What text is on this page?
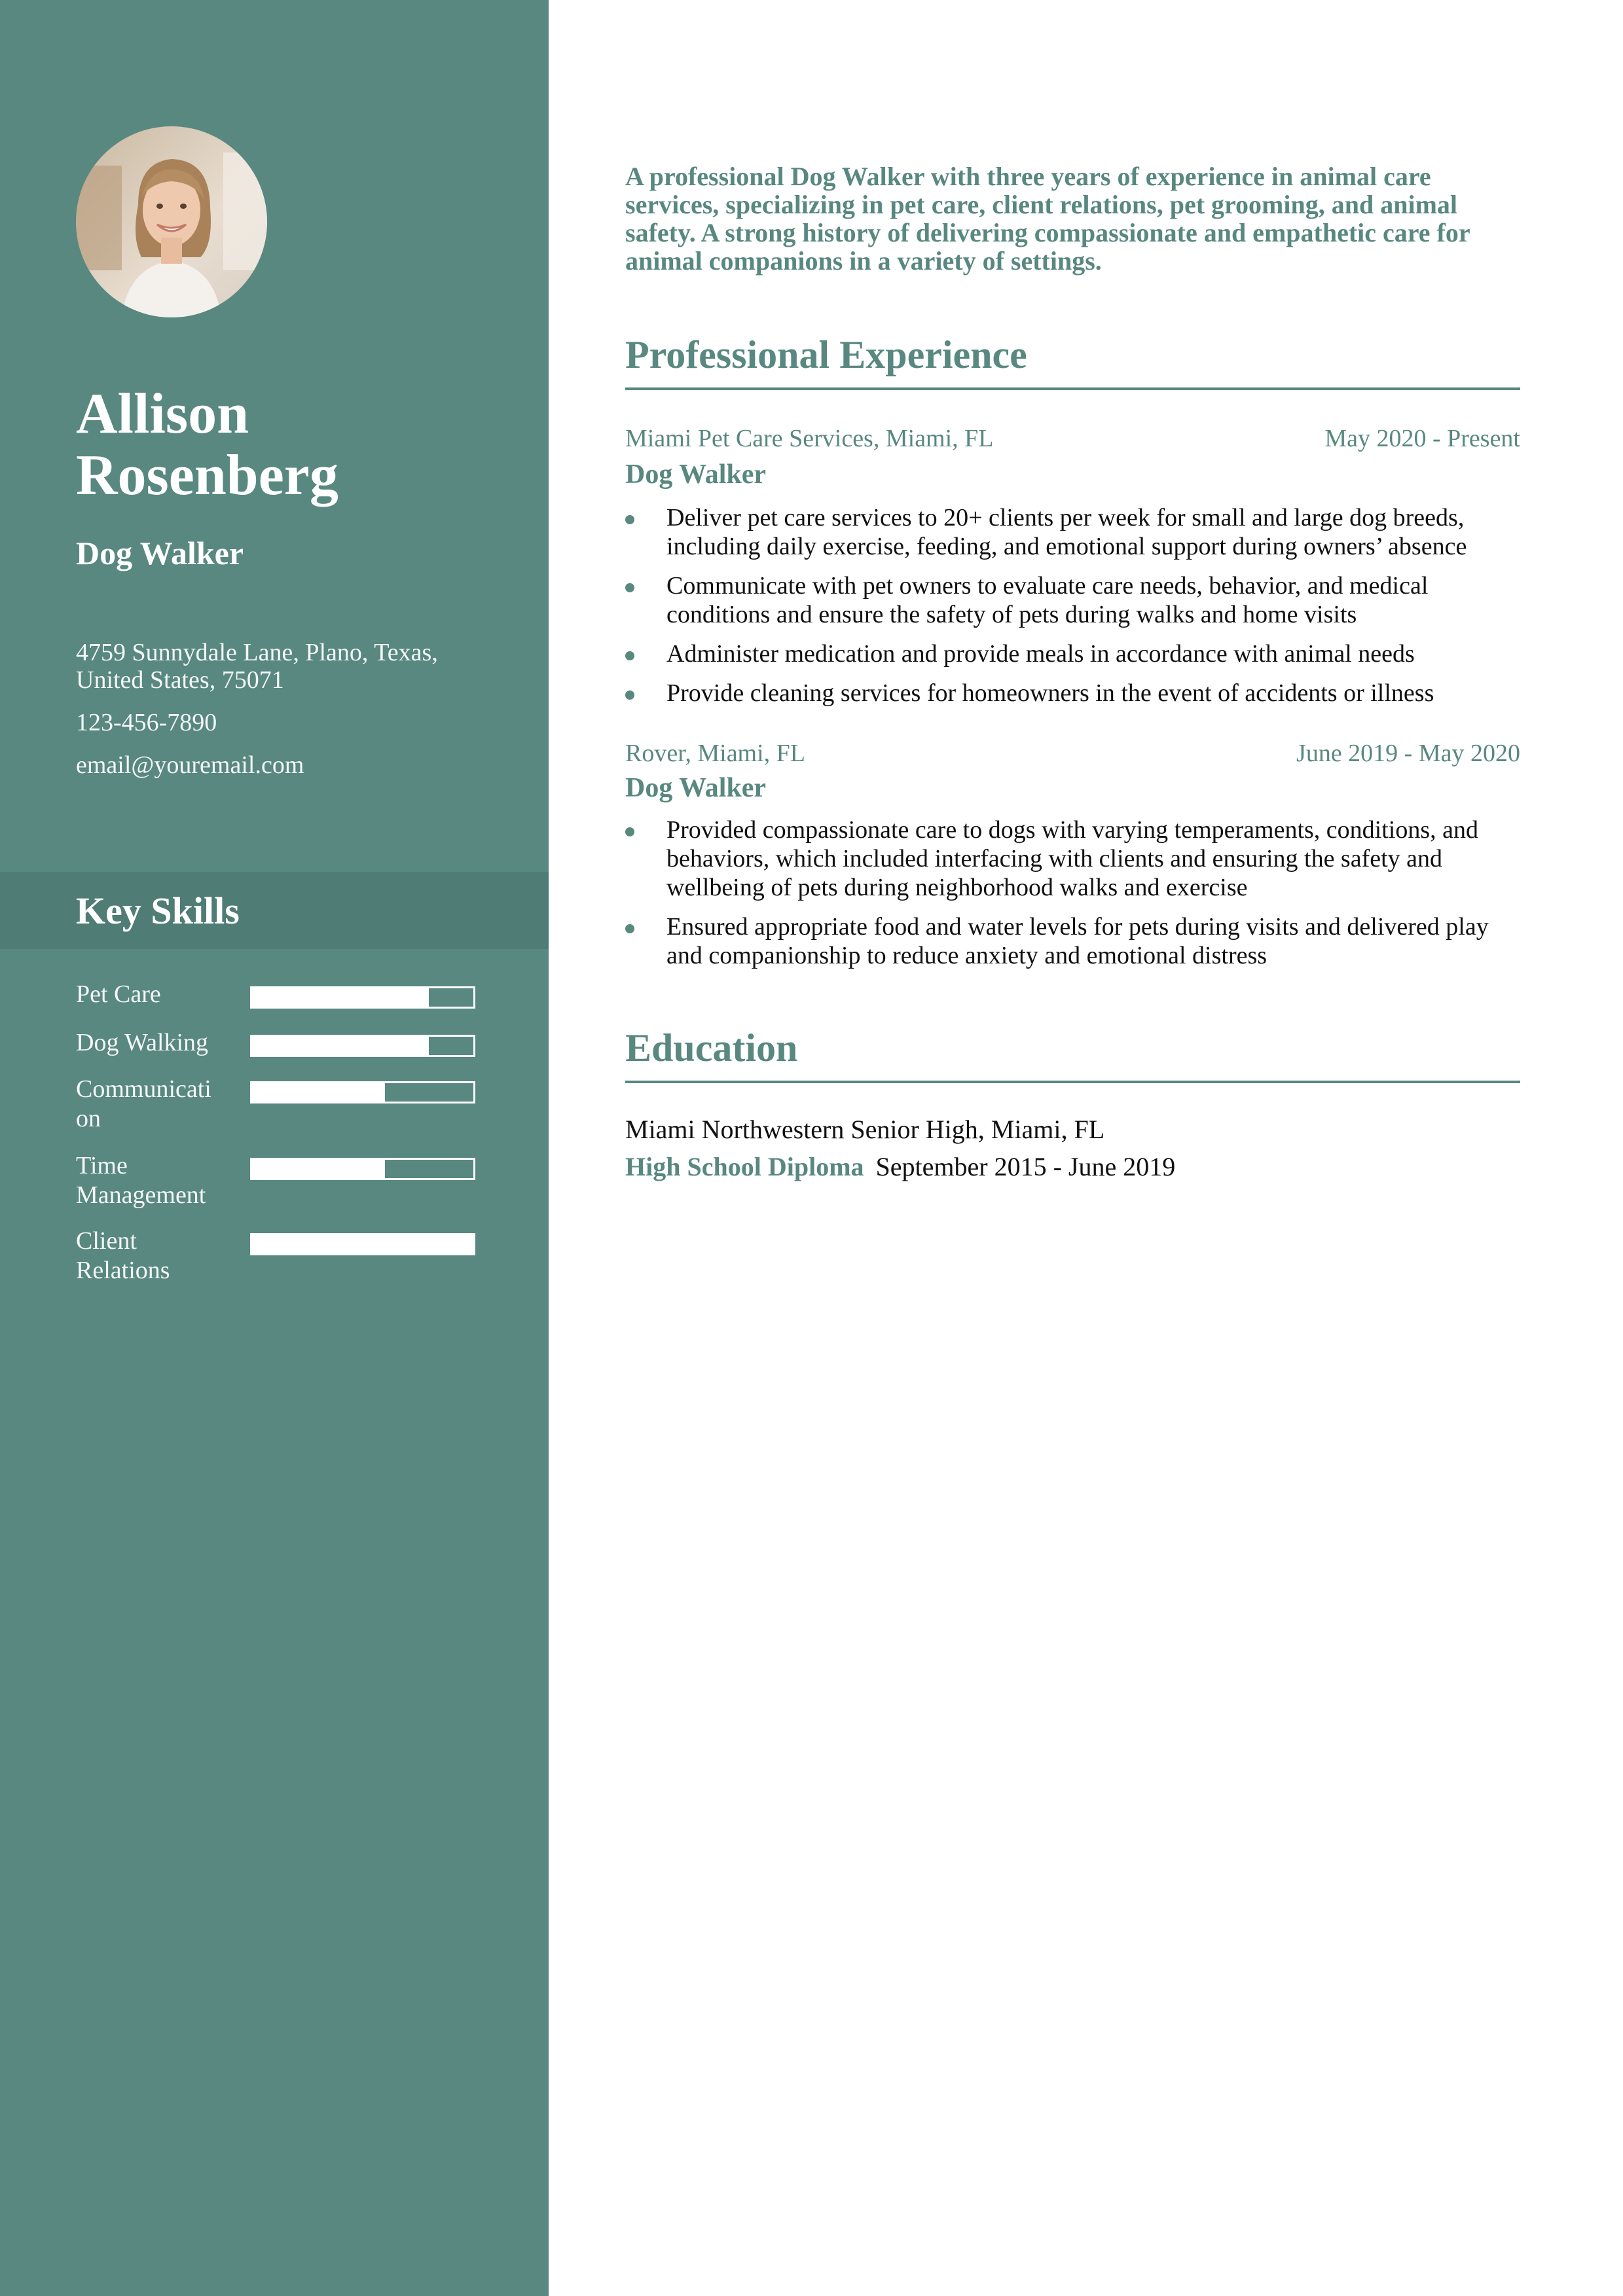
Allison
Rosenberg
Dog Walker
4759 Sunnydale Lane, Plano, Texas, United States, 75071
123-456-7890
email@youremail.com
Key Skills
Pet Care
Dog Walking
Communication
Time Management
Client Relations

A professional Dog Walker with three years of experience in animal care services, specializing in pet care, client relations, pet grooming, and animal safety. A strong history of delivering compassionate and empathetic care for animal companions in a variety of settings.

Professional Experience
Miami Pet Care Services, Miami, FL	May 2020 - Present
Dog Walker
Deliver pet care services to 20+ clients per week for small and large dog breeds, including daily exercise, feeding, and emotional support during owners’ absence
Communicate with pet owners to evaluate care needs, behavior, and medical conditions and ensure the safety of pets during walks and home visits
Administer medication and provide meals in accordance with animal needs
Provide cleaning services for homeowners in the event of accidents or illness
Rover, Miami, FL	June 2019 - May 2020
Dog Walker
Provided compassionate care to dogs with varying temperaments, conditions, and behaviors, which included interfacing with clients and ensuring the safety and wellbeing of pets during neighborhood walks and exercise
Ensured appropriate food and water levels for pets during visits and delivered play and companionship to reduce anxiety and emotional distress
Education
Miami Northwestern Senior High, Miami, FL
High School Diploma September 2015 - June 2019
